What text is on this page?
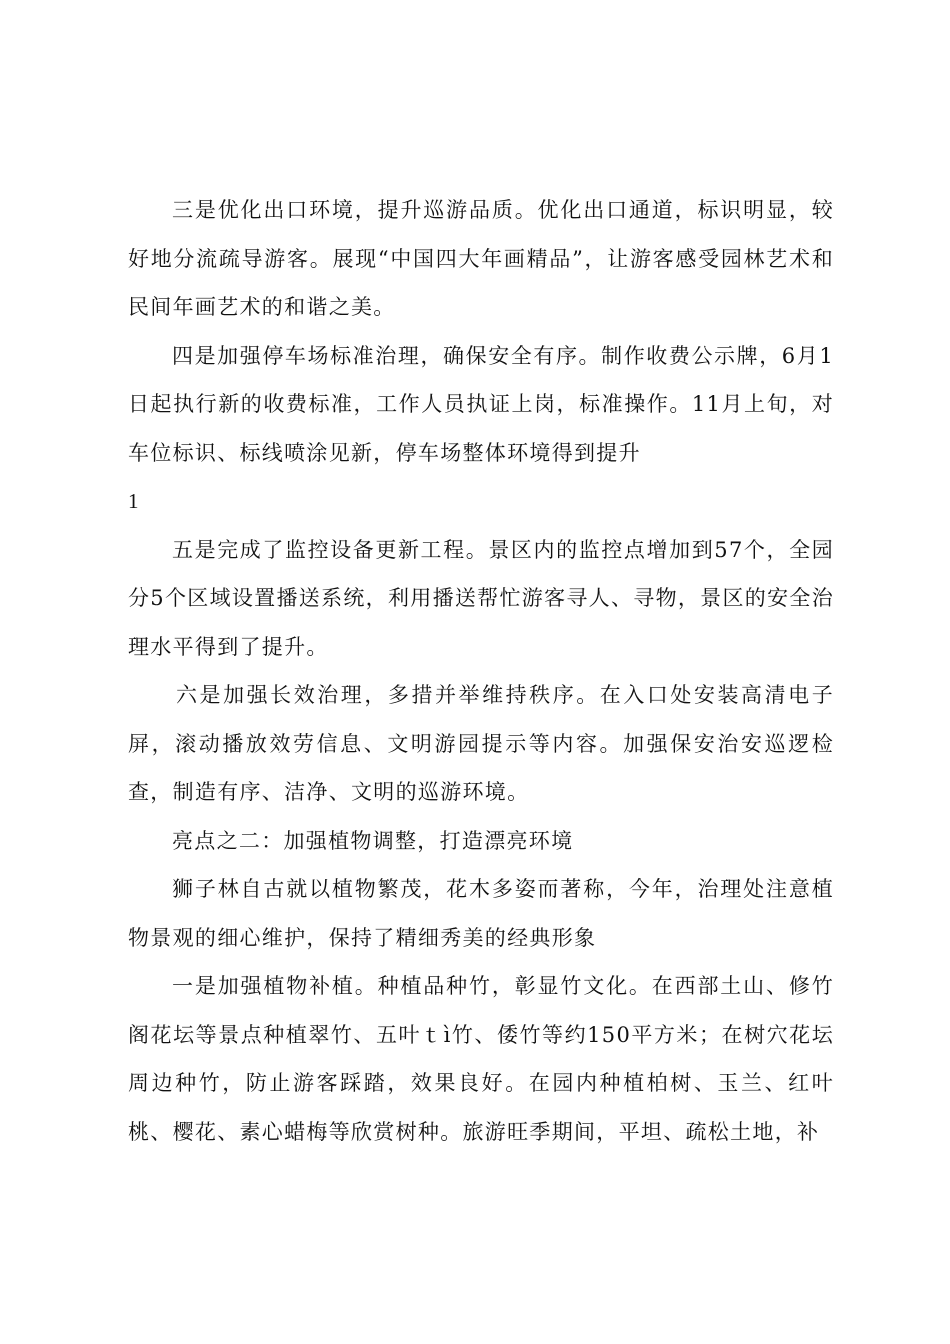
三是优化出口环境，提升巡游品质。优化出口通道，标识明显，较好地分流疏导游客。展现“中国四大年画精品”，让游客感受园林艺术和民间年画艺术的和谐之美。

四是加强停车场标准治理，确保安全有序。制作收费公示牌，6月1日起执行新的收费标准，工作人员执证上岗，标准操作。11月上旬，对车位标识、标线喷涂见新，停车场整体环境得到提升

1

五是完成了监控设备更新工程。景区内的监控点增加到57个，全园分5个区域设置播送系统，利用播送帮忙游客寻人、寻物，景区的安全治理水平得到了提升。

六是加强长效治理，多措并举维持秩序。在入口处安装高清电子屏，滚动播放效劳信息、文明游园提示等内容。加强保安治安巡逻检查，制造有序、洁净、文明的巡游环境。

亮点之二：加强植物调整，打造漂亮环境

狮子林自古就以植物繁茂，花木多姿而著称，今年，治理处注意植物景观的细心维护，保持了精细秀美的经典形象

一是加强植物补植。种植品种竹，彰显竹文化。在西部土山、修竹阁花坛等景点种植翠竹、五叶ｔì竹、倭竹等约150平方米；在树穴花坛周边种竹，防止游客踩踏，效果良好。在园内种植柏树、玉兰、红叶桃、樱花、素心蜡梅等欣赏树种。旅游旺季期间，平坦、疏松土地，补
